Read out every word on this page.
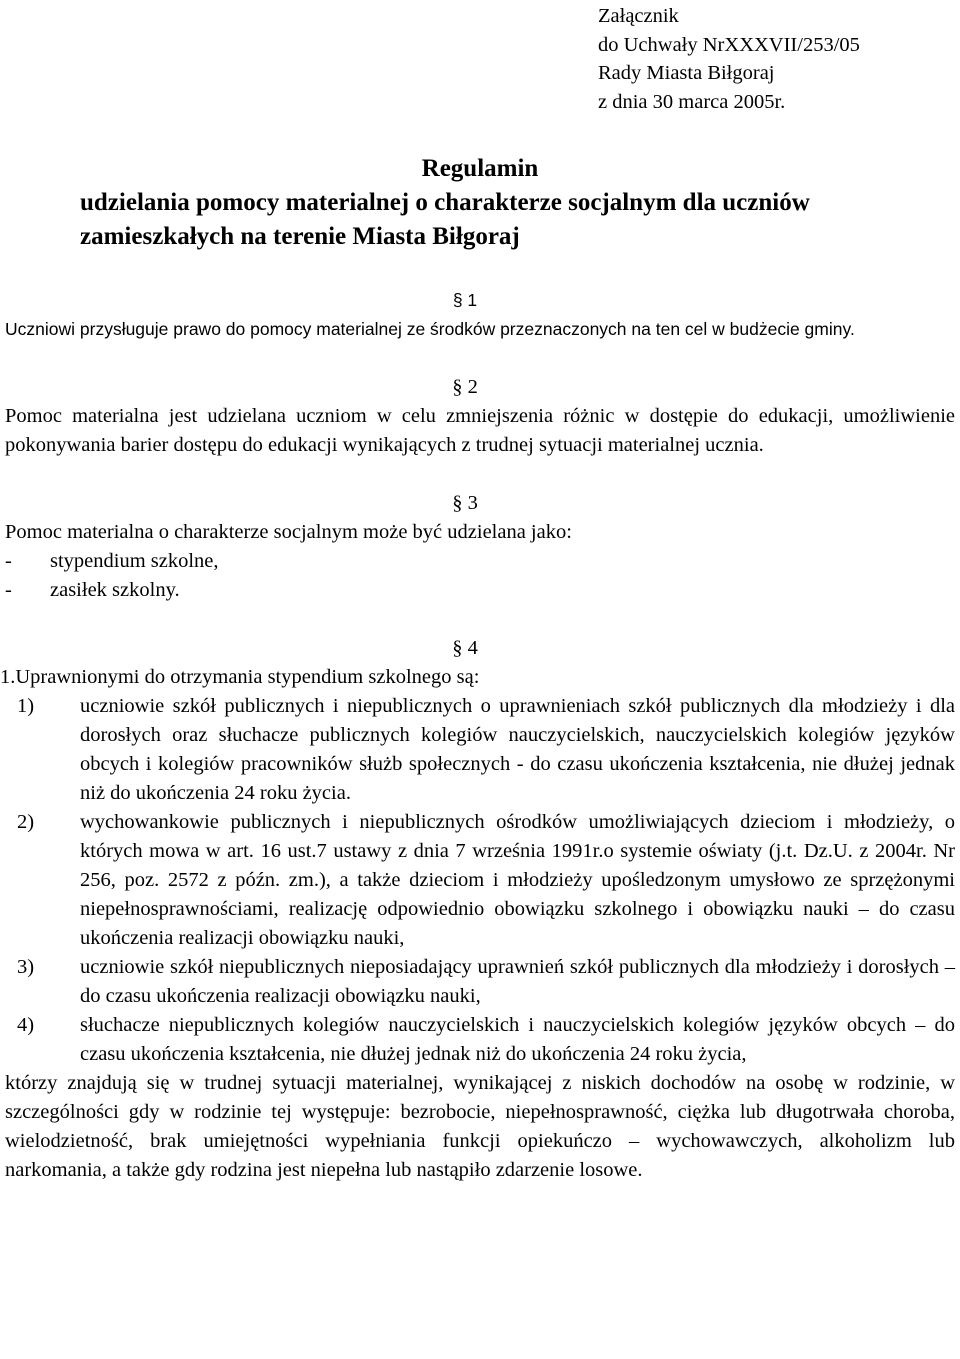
Załącznik
do Uchwały NrXXXVII/253/05
Rady Miasta Biłgoraj
z dnia 30 marca 2005r.
Regulamin
udzielania pomocy materialnej o charakterze socjalnym dla uczniów
zamieszkałych na terenie Miasta Biłgoraj
§ 1
Uczniowi przysługuje prawo do pomocy materialnej ze środków przeznaczonych na ten cel w budżecie gminy.
§ 2
Pomoc materialna jest udzielana uczniom w celu zmniejszenia różnic w dostępie do edukacji, umożliwienie pokonywania barier dostępu do edukacji wynikających z trudnej sytuacji materialnej ucznia.
§ 3
Pomoc materialna o charakterze socjalnym może być udzielana jako:
-	stypendium szkolne,
-	zasiłek szkolny.
§ 4
1.Uprawnionymi do otrzymania stypendium szkolnego są:
1)	uczniowie szkół publicznych i niepublicznych o uprawnieniach szkół publicznych dla młodzieży i dla dorosłych oraz słuchacze publicznych kolegiów nauczycielskich, nauczycielskich kolegiów języków obcych i kolegiów pracowników służb społecznych - do czasu ukończenia kształcenia, nie dłużej jednak niż do ukończenia 24 roku życia.
2)	wychowankowie publicznych i niepublicznych ośrodków umożliwiających dzieciom i młodzieży, o których mowa w art. 16 ust.7 ustawy z dnia 7 września 1991r.o systemie oświaty (j.t. Dz.U. z 2004r. Nr 256, poz. 2572 z późn. zm.), a także dzieciom i młodzieży upośledzonym umysłowo ze sprzężonymi niepełnosprawnościami, realizację odpowiednio obowiązku szkolnego i obowiązku nauki – do czasu ukończenia realizacji obowiązku nauki,
3)	uczniowie szkół niepublicznych nieposiadający uprawnień szkół publicznych dla młodzieży i dorosłych – do czasu ukończenia realizacji obowiązku nauki,
4)	słuchacze niepublicznych kolegiów nauczycielskich i nauczycielskich kolegiów języków obcych – do czasu ukończenia kształcenia, nie dłużej jednak niż do ukończenia 24 roku życia,
którzy znajdują się w trudnej sytuacji materialnej, wynikającej z niskich dochodów na osobę w rodzinie, w szczególności gdy w rodzinie tej występuje: bezrobocie, niepełnosprawność, ciężka lub długotrwała choroba, wielodzietność, brak umiejętności wypełniania funkcji opiekuńczo – wychowawczych, alkoholizm lub narkomania, a także gdy rodzina jest niepełna lub nastąpiło zdarzenie losowe.
